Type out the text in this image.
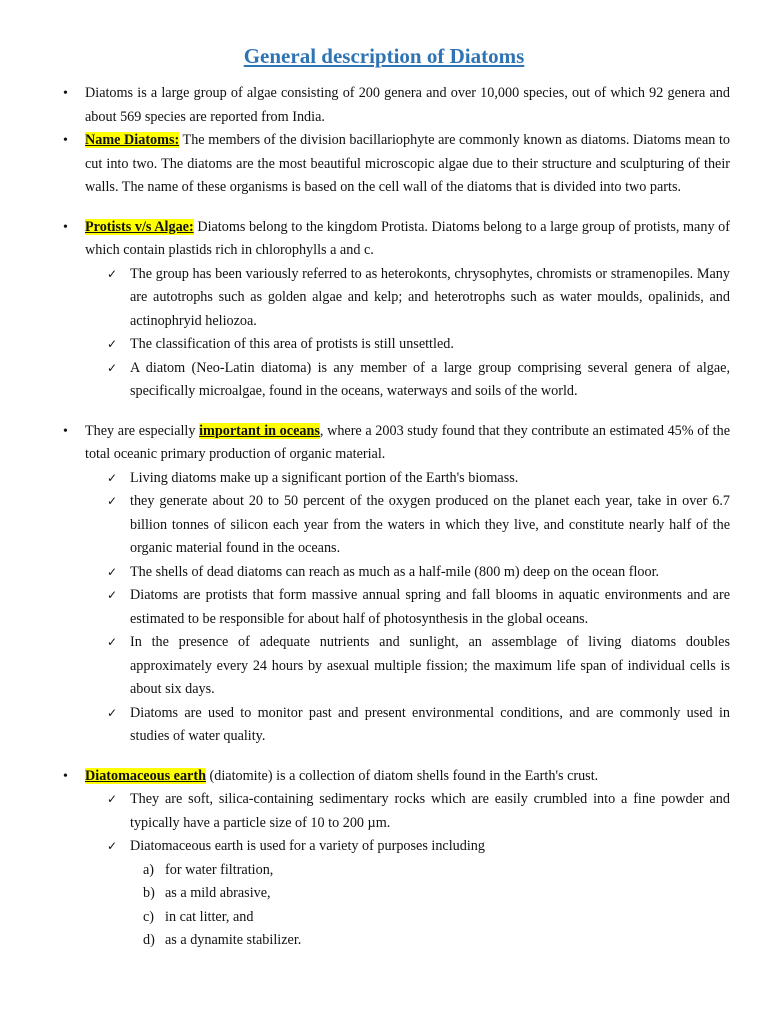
General description of Diatoms
• Diatoms is a large group of algae consisting of 200 genera and over 10,000 species, out of which 92 genera and about 569 species are reported from India.
• Name Diatoms: The members of the division bacillariophyte are commonly known as diatoms. Diatoms mean to cut into two. The diatoms are the most beautiful microscopic algae due to their structure and sculpturing of their walls. The name of these organisms is based on the cell wall of the diatoms that is divided into two parts.
• Protists v/s Algae: Diatoms belong to the kingdom Protista. Diatoms belong to a large group of protists, many of which contain plastids rich in chlorophylls a and c.
✓ The group has been variously referred to as heterokonts, chrysophytes, chromists or stramenopiles. Many are autotrophs such as golden algae and kelp; and heterotrophs such as water moulds, opalinids, and actinophryid heliozoa.
✓ The classification of this area of protists is still unsettled.
✓ A diatom (Neo-Latin diatoma) is any member of a large group comprising several genera of algae, specifically microalgae, found in the oceans, waterways and soils of the world.
• They are especially important in oceans, where a 2003 study found that they contribute an estimated 45% of the total oceanic primary production of organic material.
✓ Living diatoms make up a significant portion of the Earth's biomass.
✓ they generate about 20 to 50 percent of the oxygen produced on the planet each year, take in over 6.7 billion tonnes of silicon each year from the waters in which they live, and constitute nearly half of the organic material found in the oceans.
✓ The shells of dead diatoms can reach as much as a half-mile (800 m) deep on the ocean floor.
✓ Diatoms are protists that form massive annual spring and fall blooms in aquatic environments and are estimated to be responsible for about half of photosynthesis in the global oceans.
✓ In the presence of adequate nutrients and sunlight, an assemblage of living diatoms doubles approximately every 24 hours by asexual multiple fission; the maximum life span of individual cells is about six days.
✓ Diatoms are used to monitor past and present environmental conditions, and are commonly used in studies of water quality.
• Diatomaceous earth (diatomite) is a collection of diatom shells found in the Earth's crust.
✓ They are soft, silica-containing sedimentary rocks which are easily crumbled into a fine powder and typically have a particle size of 10 to 200 µm.
✓ Diatomaceous earth is used for a variety of purposes including
a) for water filtration,
b) as a mild abrasive,
c) in cat litter, and
d) as a dynamite stabilizer.
